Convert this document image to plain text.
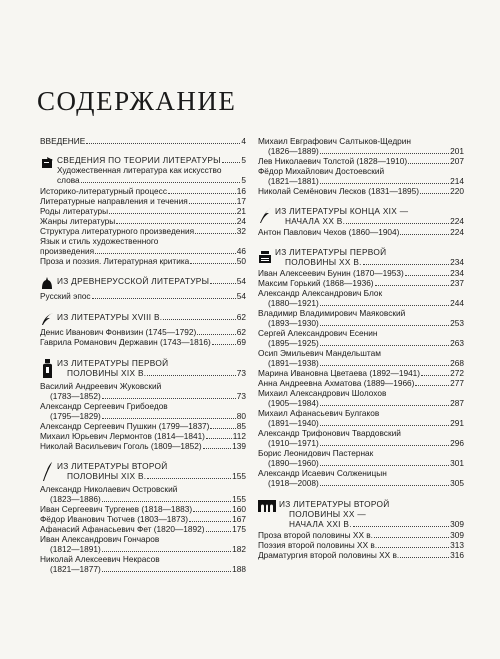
СОДЕРЖАНИЕ
ВВЕДЕНИЕ	4
СВЕДЕНИЯ ПО ТЕОРИИ ЛИТЕРАТУРЫ 5
Художественная литература как искусство
слова	5
Историко-литературный процесс	16
Литературные направления и течения	17
Роды литературы	21
Жанры литературы	24
Структура литературного произведения	32
Язык и стиль художественного
произведения	46
Проза и поэзия. Литературная критика	50
ИЗ ДРЕВНЕРУССКОЙ ЛИТЕРАТУРЫ	54
Русский эпос	54
ИЗ ЛИТЕРАТУРЫ XVIII В.	62
Денис Иванович Фонвизин (1745—1792)	62
Гаврила Романович Державин (1743—1816)	69
ИЗ ЛИТЕРАТУРЫ ПЕРВОЙ
ПОЛОВИНЫ XIX В.	73
Василий Андреевич Жуковский
(1783—1852)	73
Александр Сергеевич Грибоедов
(1795—1829)	80
Александр Сергеевич Пушкин (1799—1837)	85
Михаил Юрьевич Лермонтов (1814—1841)	112
Николай Васильевич Гоголь (1809—1852)	139
ИЗ ЛИТЕРАТУРЫ ВТОРОЙ
ПОЛОВИНЫ XIX В.	155
Александр Николаевич Островский
(1823—1886)	155
Иван Сергеевич Тургенев (1818—1883)	160
Фёдор Иванович Тютчев (1803—1873)	167
Афанасий Афанасьевич Фет (1820—1892)	175
Иван Александрович Гончаров
(1812—1891)	182
Николай Алексеевич Некрасов
(1821—1877)	188
Михаил Евграфович Салтыков-Щедрин
(1826—1889)	201
Лев Николаевич Толстой (1828—1910)	207
Фёдор Михайлович Достоевский
(1821—1881)	214
Николай Семёнович Лесков (1831—1895)	220
ИЗ ЛИТЕРАТУРЫ КОНЦА XIX —
НАЧАЛА XX В.	224
Антон Павлович Чехов (1860—1904)	224
ИЗ ЛИТЕРАТУРЫ ПЕРВОЙ
ПОЛОВИНЫ XX В.	234
Иван Алексеевич Бунин (1870—1953)	234
Максим Горький (1868—1936)	237
Александр Александрович Блок
(1880—1921)	244
Владимир Владимирович Маяковский
(1893—1930)	253
Сергей Александрович Есенин
(1895—1925)	263
Осип Эмильевич Мандельштам
(1891—1938)	268
Марина Ивановна Цветаева (1892—1941)	272
Анна Андреевна Ахматова (1889—1966)	277
Михаил Александрович Шолохов
(1905—1984)	287
Михаил Афанасьевич Булгаков
(1891—1940)	291
Александр Трифонович Твардовский
(1910—1971)	296
Борис Леонидович Пастернак
(1890—1960)	301
Александр Исаевич Солженицын
(1918—2008)	305
ИЗ ЛИТЕРАТУРЫ ВТОРОЙ
ПОЛОВИНЫ XX —
НАЧАЛА XXI В.	309
Проза второй половины XX в.	309
Поэзия второй половины XX в.	313
Драматургия второй половины XX в.	316
